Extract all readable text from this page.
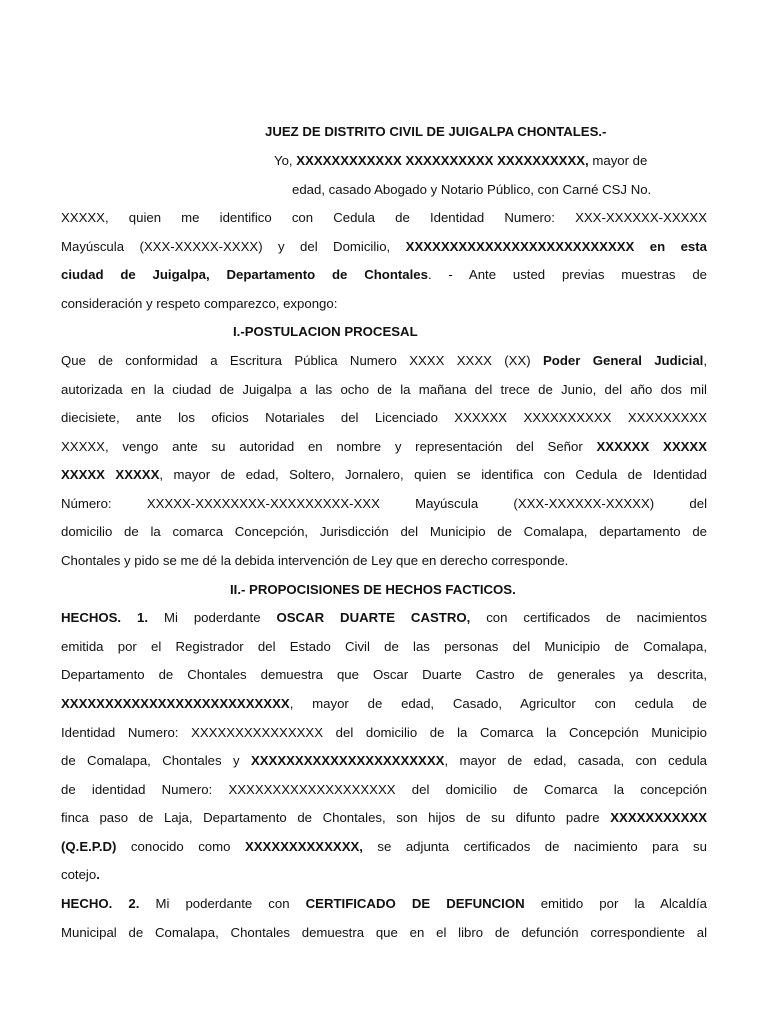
JUEZ DE DISTRITO CIVIL DE JUIGALPA CHONTALES.-
Yo, XXXXXXXXXXXX XXXXXXXXXX XXXXXXXXXX, mayor de
edad, casado Abogado y Notario Público, con Carné CSJ No.
XXXXX, quien me identifico con Cedula de Identidad Numero: XXX-XXXXXX-XXXXX
Mayúscula (XXX-XXXXX-XXXX) y del Domicilio, XXXXXXXXXXXXXXXXXXXXXXXXXX en esta
ciudad de Juigalpa, Departamento de Chontales. - Ante usted previas muestras de
consideración y respeto comparezco, expongo:
I.-POSTULACION PROCESAL
Que de conformidad a Escritura Pública Numero XXXX XXXX (XX) Poder General Judicial,
autorizada en la ciudad de Juigalpa a las ocho de la mañana del trece de Junio, del año dos mil
diecisiete, ante los oficios Notariales del Licenciado XXXXXX XXXXXXXXXX XXXXXXXXX
XXXXX, vengo ante su autoridad en nombre y representación del Señor XXXXXX XXXXX
XXXXX XXXXX, mayor de edad, Soltero, Jornalero, quien se identifica con Cedula de Identidad
Número: XXXXX-XXXXXXXX-XXXXXXXXX-XXX Mayúscula (XXX-XXXXXX-XXXXX) del
domicilio de la comarca Concepción, Jurisdicción del Municipio de Comalapa, departamento de
Chontales y pido se me dé la debida intervención de Ley que en derecho corresponde.
II.- PROPOCISIONES DE HECHOS FACTICOS.
HECHOS. 1. Mi poderdante OSCAR DUARTE CASTRO, con certificados de nacimientos
emitida por el Registrador del Estado Civil de las personas del Municipio de Comalapa,
Departamento de Chontales demuestra que Oscar Duarte Castro de generales ya descrita,
XXXXXXXXXXXXXXXXXXXXXXXXXX, mayor de edad, Casado, Agricultor con cedula de
Identidad Numero: XXXXXXXXXXXXXXX del domicilio de la Comarca la Concepción Municipio
de Comalapa, Chontales y XXXXXXXXXXXXXXXXXXXXXX, mayor de edad, casada, con cedula
de identidad Numero: XXXXXXXXXXXXXXXXXXX del domicilio de Comarca la concepción
finca paso de Laja, Departamento de Chontales, son hijos de su difunto padre XXXXXXXXXXX
(Q.E.P.D) conocido como XXXXXXXXXXXXX, se adjunta certificados de nacimiento para su
cotejo.
HECHO. 2. Mi poderdante con CERTIFICADO DE DEFUNCION emitido por la Alcaldía
Municipal de Comalapa, Chontales demuestra que en el libro de defunción correspondiente al
